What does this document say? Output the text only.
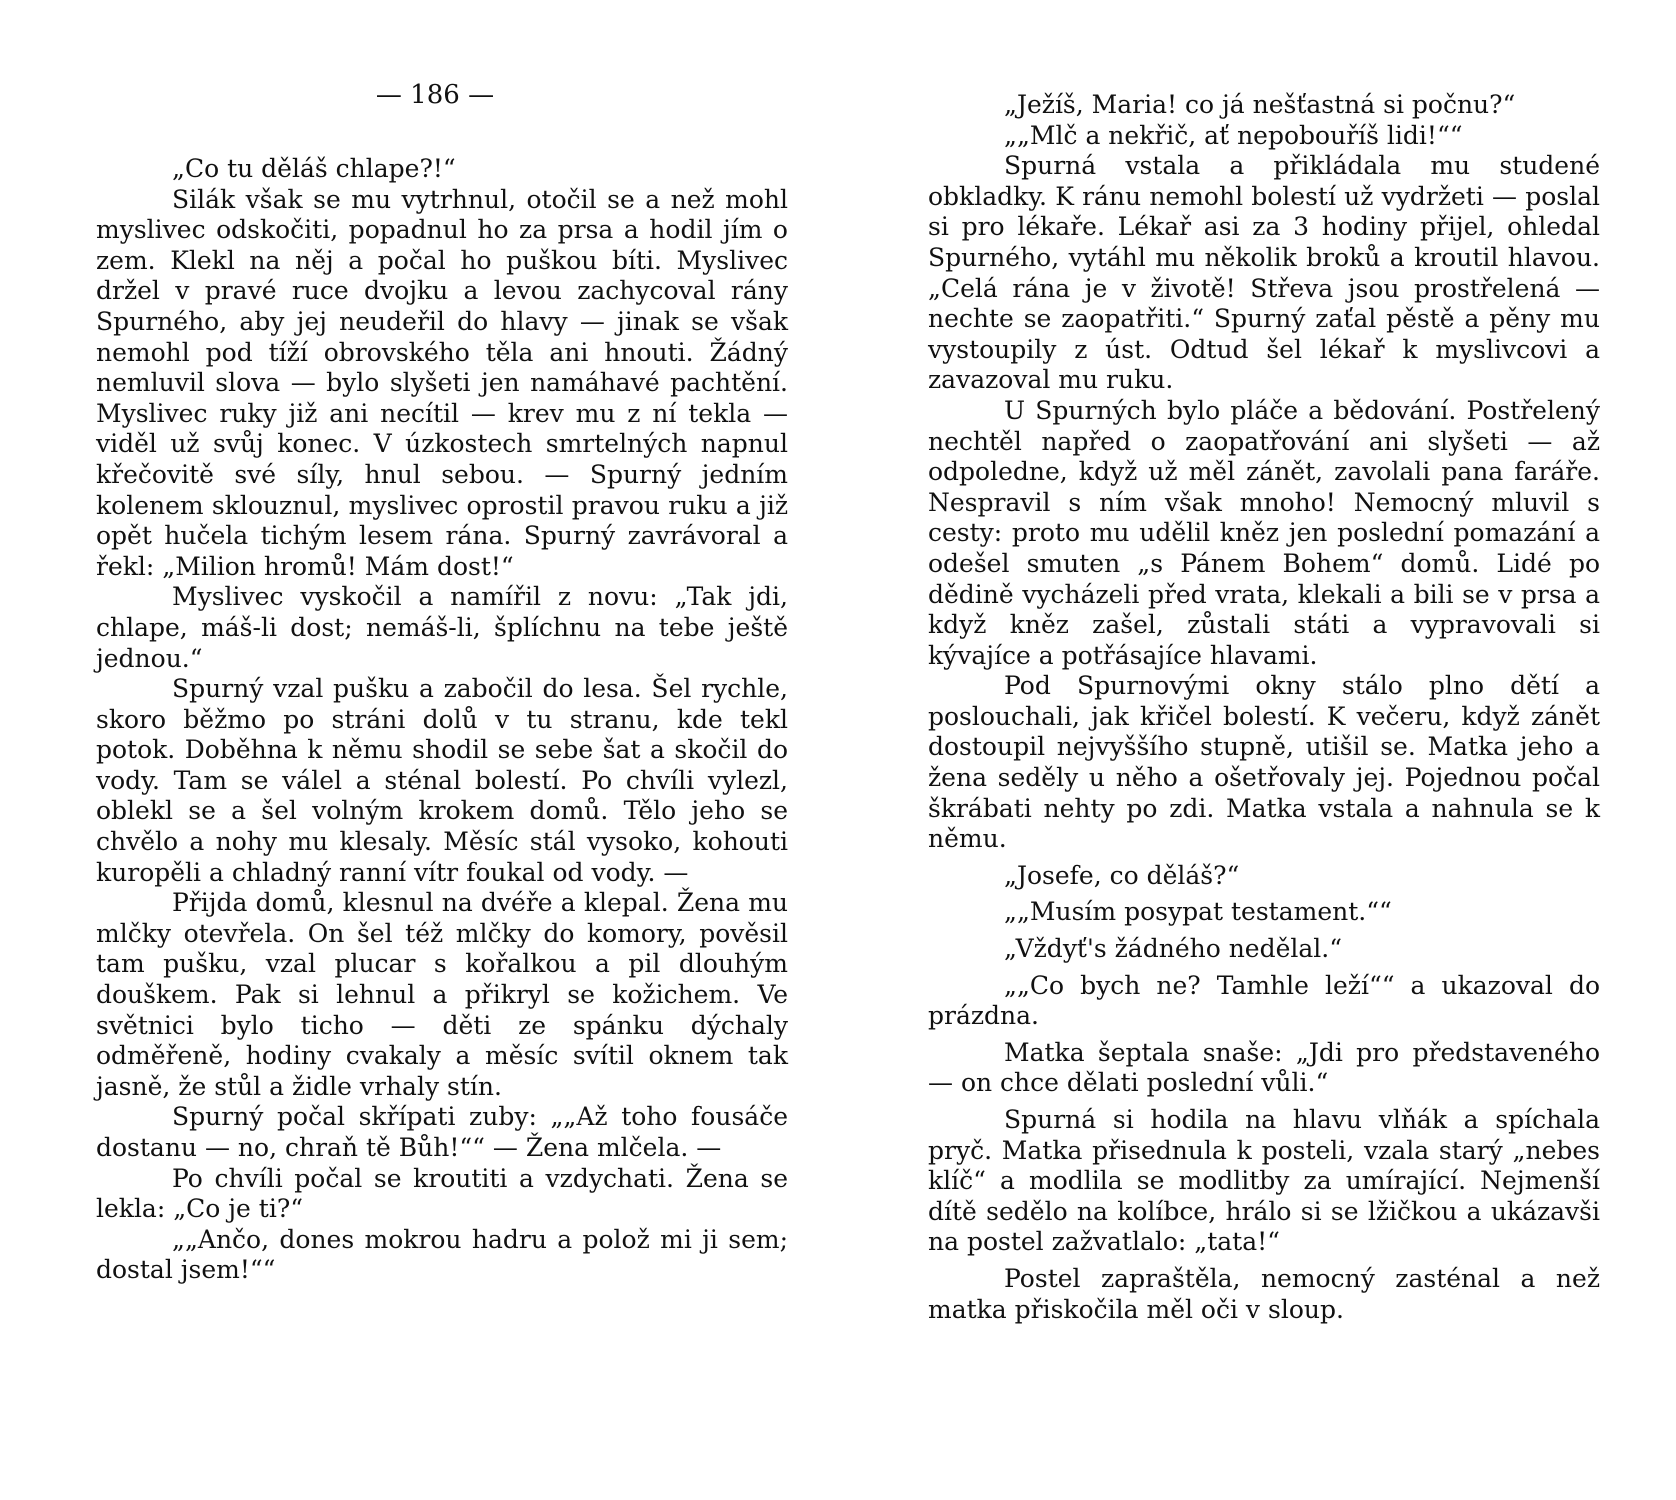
— 186 —

„Co tu děláš chlape?!“

Silák však se mu vytrhnul, otočil se a než mohl myslivec odskočiti, popadnul ho za prsa a hodil jím o zem. Klekl na něj a počal ho puškou bíti. Myslivec držel v pravé ruce dvojku a levou zachycoval rány Spurného, aby jej neudeřil do hlavy — jinak se však nemohl pod tíží obrovského těla ani hnouti. Žádný nemluvil slova — bylo slyšeti jen namáhavé pachtění. Myslivec ruky již ani necítil — krev mu z ní tekla — viděl už svůj konec. V úzkostech smrtelných napnul křečovitě své síly, hnul sebou. — Spurný jedním kolenem sklouznul, myslivec oprostil pravou ruku a již opět hučela tichým lesem rána. Spurný zavrávoral a řekl: „Milion hromů! Mám dost!“

Myslivec vyskočil a namířil z novu: „Tak jdi, chlape, máš-li dost; nemáš-li, šplíchnu na tebe ještě jednou.“

Spurný vzal pušku a zabočil do lesa. Šel rychle, skoro běžmo po stráni dolů v tu stranu, kde tekl potok. Doběhna k němu shodil se sebe šat a skočil do vody. Tam se válel a sténal bolestí. Po chvíli vylezl, oblekl se a šel volným krokem domů. Tělo jeho se chvělo a nohy mu klesaly. Měsíc stál vysoko, kohouti kuropěli a chladný ranní vítr foukal od vody. —

Přijda domů, klesnul na dvéře a klepal. Žena mu mlčky otevřela. On šel též mlčky do komory, pověsil tam pušku, vzal plucar s kořalkou a pil dlouhým douškem. Pak si lehnul a přikryl se kožichem. Ve světnici bylo ticho — děti ze spánku dýchaly odměřeně, hodiny cvakaly a měsíc svítil oknem tak jasně, že stůl a židle vrhaly stín.

Spurný počal skřípati zuby: „„Až toho fousáče dostanu — no, chraň tě Bůh!““ — Žena mlčela. —

Po chvíli počal se kroutiti a vzdychati. Žena se lekla: „Co je ti?“

„„Ančo, dones mokrou hadru a polož mi ji sem; dostal jsem!““

„Ježíš, Maria! co já nešťastná si počnu?“

„„Mlč a nekřič, ať nepobouříš lidi!““

Spurná vstala a přikládala mu studené obkladky. K ránu nemohl bolestí už vydržeti — poslal si pro lékaře. Lékař asi za 3 hodiny přijel, ohledal Spurného, vytáhl mu několik broků a kroutil hlavou. „Celá rána je v životě! Střeva jsou prostřelená — nechte se zaopatřiti.“ Spurný zaťal pěstě a pěny mu vystoupily z úst. Odtud šel lékař k myslivcovi a zavazoval mu ruku.

U Spurných bylo pláče a bědování. Postřelený nechtěl napřed o zaopatřování ani slyšeti — až odpoledne, když už měl zánět, zavolali pana faráře. Nespravil s ním však mnoho! Nemocný mluvil s cesty: proto mu udělil kněz jen poslední pomazání a odešel smuten „s Pánem Bohem“ domů. Lidé po dědině vycházeli před vrata, klekali a bili se v prsa a když kněz zašel, zůstali státi a vypravovali si kývajíce a potřásajíce hlavami.

Pod Spurnovými okny stálo plno dětí a poslouchali, jak křičel bolestí. K večeru, když zánět dostoupil nejvyššího stupně, utišil se. Matka jeho a žena seděly u něho a ošetřovaly jej. Pojednou počal škrábati nehty po zdi. Matka vstala a nahnula se k němu.

„Josefe, co děláš?“

„„Musím posypat testament.““

„Vždyť's žádného nedělal.“

„„Co bych ne? Tamhle leží““ a ukazoval do prázdna.

Matka šeptala snaše: „Jdi pro představeného — on chce dělati poslední vůli.“

Spurná si hodila na hlavu vlňák a spíchala pryč. Matka přisednula k posteli, vzala starý „nebes klíč“ a modlila se modlitby za umírající. Nejmenší dítě sedělo na kolíbce, hrálo si se lžičkou a ukázavši na postel zažvatlalo: „tata!“

Postel zapraštěla, nemocný zasténal a než matka přiskočila měl oči v sloup.
